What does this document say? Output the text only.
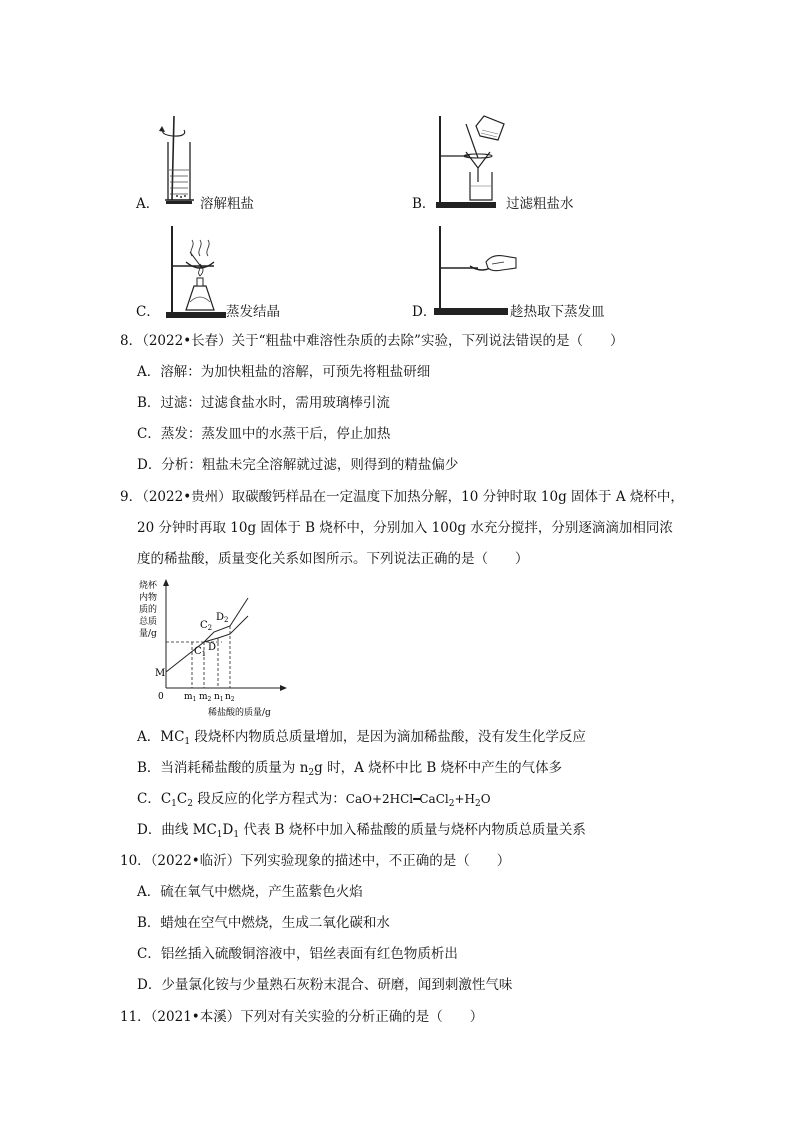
A．	溶解粗盐	B．	过滤粗盐水
C．	蒸发结晶	D．	趁热取下蒸发皿
8．（2022•长春）关于“粗盐中难溶性杂质的去除”实验，下列说法错误的是（　　）
A．溶解：为加快粗盐的溶解，可预先将粗盐研细
B．过滤：过滤食盐水时，需用玻璃棒引流
C．蒸发：蒸发皿中的水蒸干后，停止加热
D．分析：粗盐未完全溶解就过滤，则得到的精盐偏少
9．（2022•贵州）取碳酸钙样品在一定温度下加热分解，10 分钟时取 10g 固体于 A 烧杯中，
20 分钟时再取 10g 固体于 B 烧杯中，分别加入 100g 水充分搅拌，分别逐滴滴加相同浓
度的稀盐酸，质量变化关系如图所示。下列说法正确的是（　　）
烧杯
内物
质的
总质
量/g
M
0
$C_1$
$C_2$
D
$D_2$
$m_1$ $m_2$ $n_1$ $n_2$
稀盐酸的质量/g
A．$MC_1$ 段烧杯内物质总质量增加，是因为滴加稀盐酸，没有发生化学反应
B．当消耗稀盐酸的质量为 $n_2g$ 时，A 烧杯中比 B 烧杯中产生的气体多
C．$C_1C_2$ 段反应的化学方程式为：$CaO+2HCl━CaCl_2+H_2O$
D．曲线 $MC_1D_1$ 代表 B 烧杯中加入稀盐酸的质量与烧杯内物质总质量关系
10．（2022•临沂）下列实验现象的描述中，不正确的是（　　）
A．硫在氧气中燃烧，产生蓝紫色火焰
B．蜡烛在空气中燃烧，生成二氧化碳和水
C．铝丝插入硫酸铜溶液中，铝丝表面有红色物质析出
D．少量氯化铵与少量熟石灰粉末混合、研磨，闻到刺激性气味
11．（2021•本溪）下列对有关实验的分析正确的是（　　）
